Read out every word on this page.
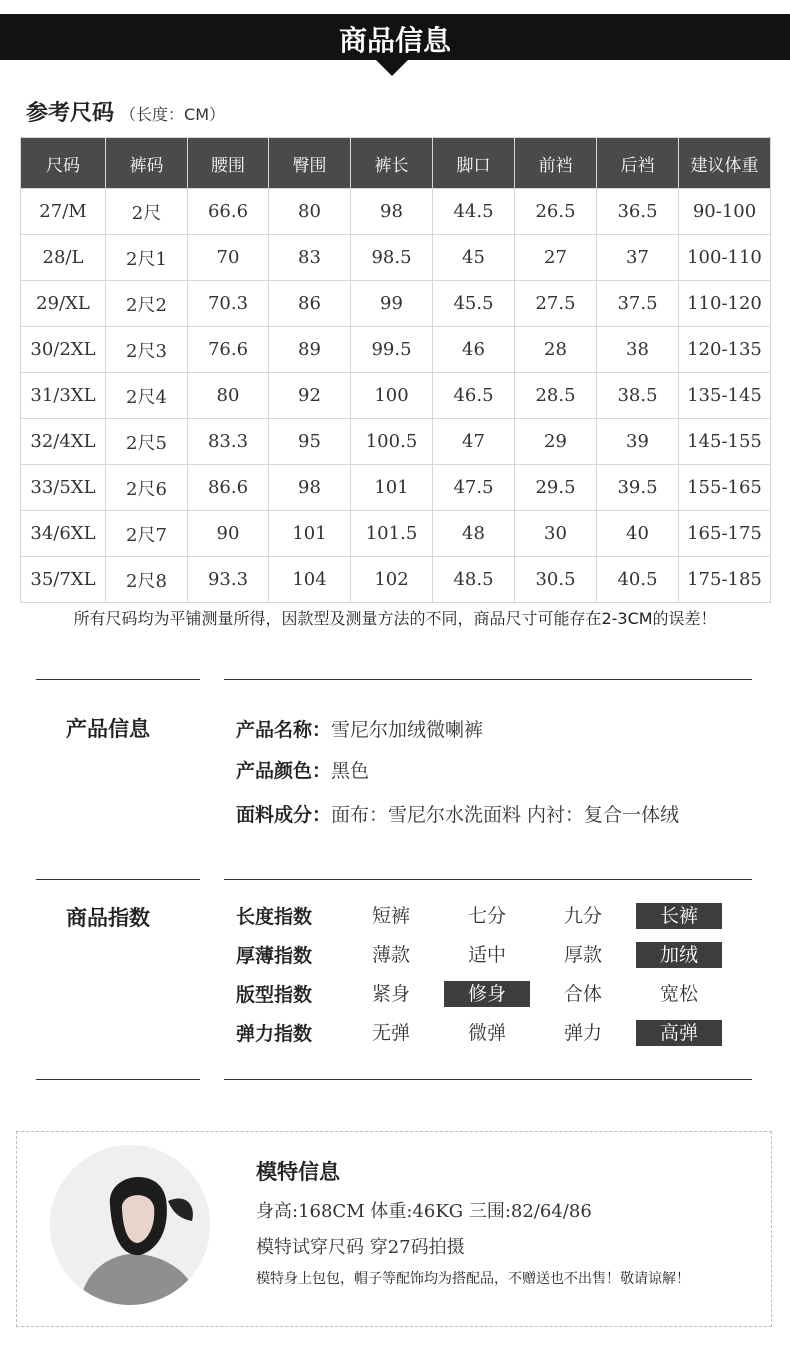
商品信息
参考尺码 （长度：CM）
尺码	裤码	腰围	臀围	裤长	脚口	前裆	后裆	建议体重
27/M	2尺	66.6	80	98	44.5	26.5	36.5	90-100
28/L	2尺1	70	83	98.5	45	27	37	100-110
29/XL	2尺2	70.3	86	99	45.5	27.5	37.5	110-120
30/2XL	2尺3	76.6	89	99.5	46	28	38	120-135
31/3XL	2尺4	80	92	100	46.5	28.5	38.5	135-145
32/4XL	2尺5	83.3	95	100.5	47	29	39	145-155
33/5XL	2尺6	86.6	98	101	47.5	29.5	39.5	155-165
34/6XL	2尺7	90	101	101.5	48	30	40	165-175
35/7XL	2尺8	93.3	104	102	48.5	30.5	40.5	175-185
所有尺码均为平铺测量所得，因款型及测量方法的不同，商品尺寸可能存在2-3CM的误差！
产品信息	产品名称：雪尼尔加绒微喇裤
产品颜色：黑色
面料成分：面布：雪尼尔水洗面料 内衬：复合一体绒
商品指数	长度指数	短裤	七分	九分	长裤
厚薄指数	薄款	适中	厚款	加绒
版型指数	紧身	修身	合体	宽松
弹力指数	无弹	微弹	弹力	高弹
模特信息
身高:168CM 体重:46KG 三围:82/64/86
模特试穿尺码 穿27码拍摄
模特身上包包，帽子等配饰均为搭配品，不赠送也不出售！敬请谅解！
